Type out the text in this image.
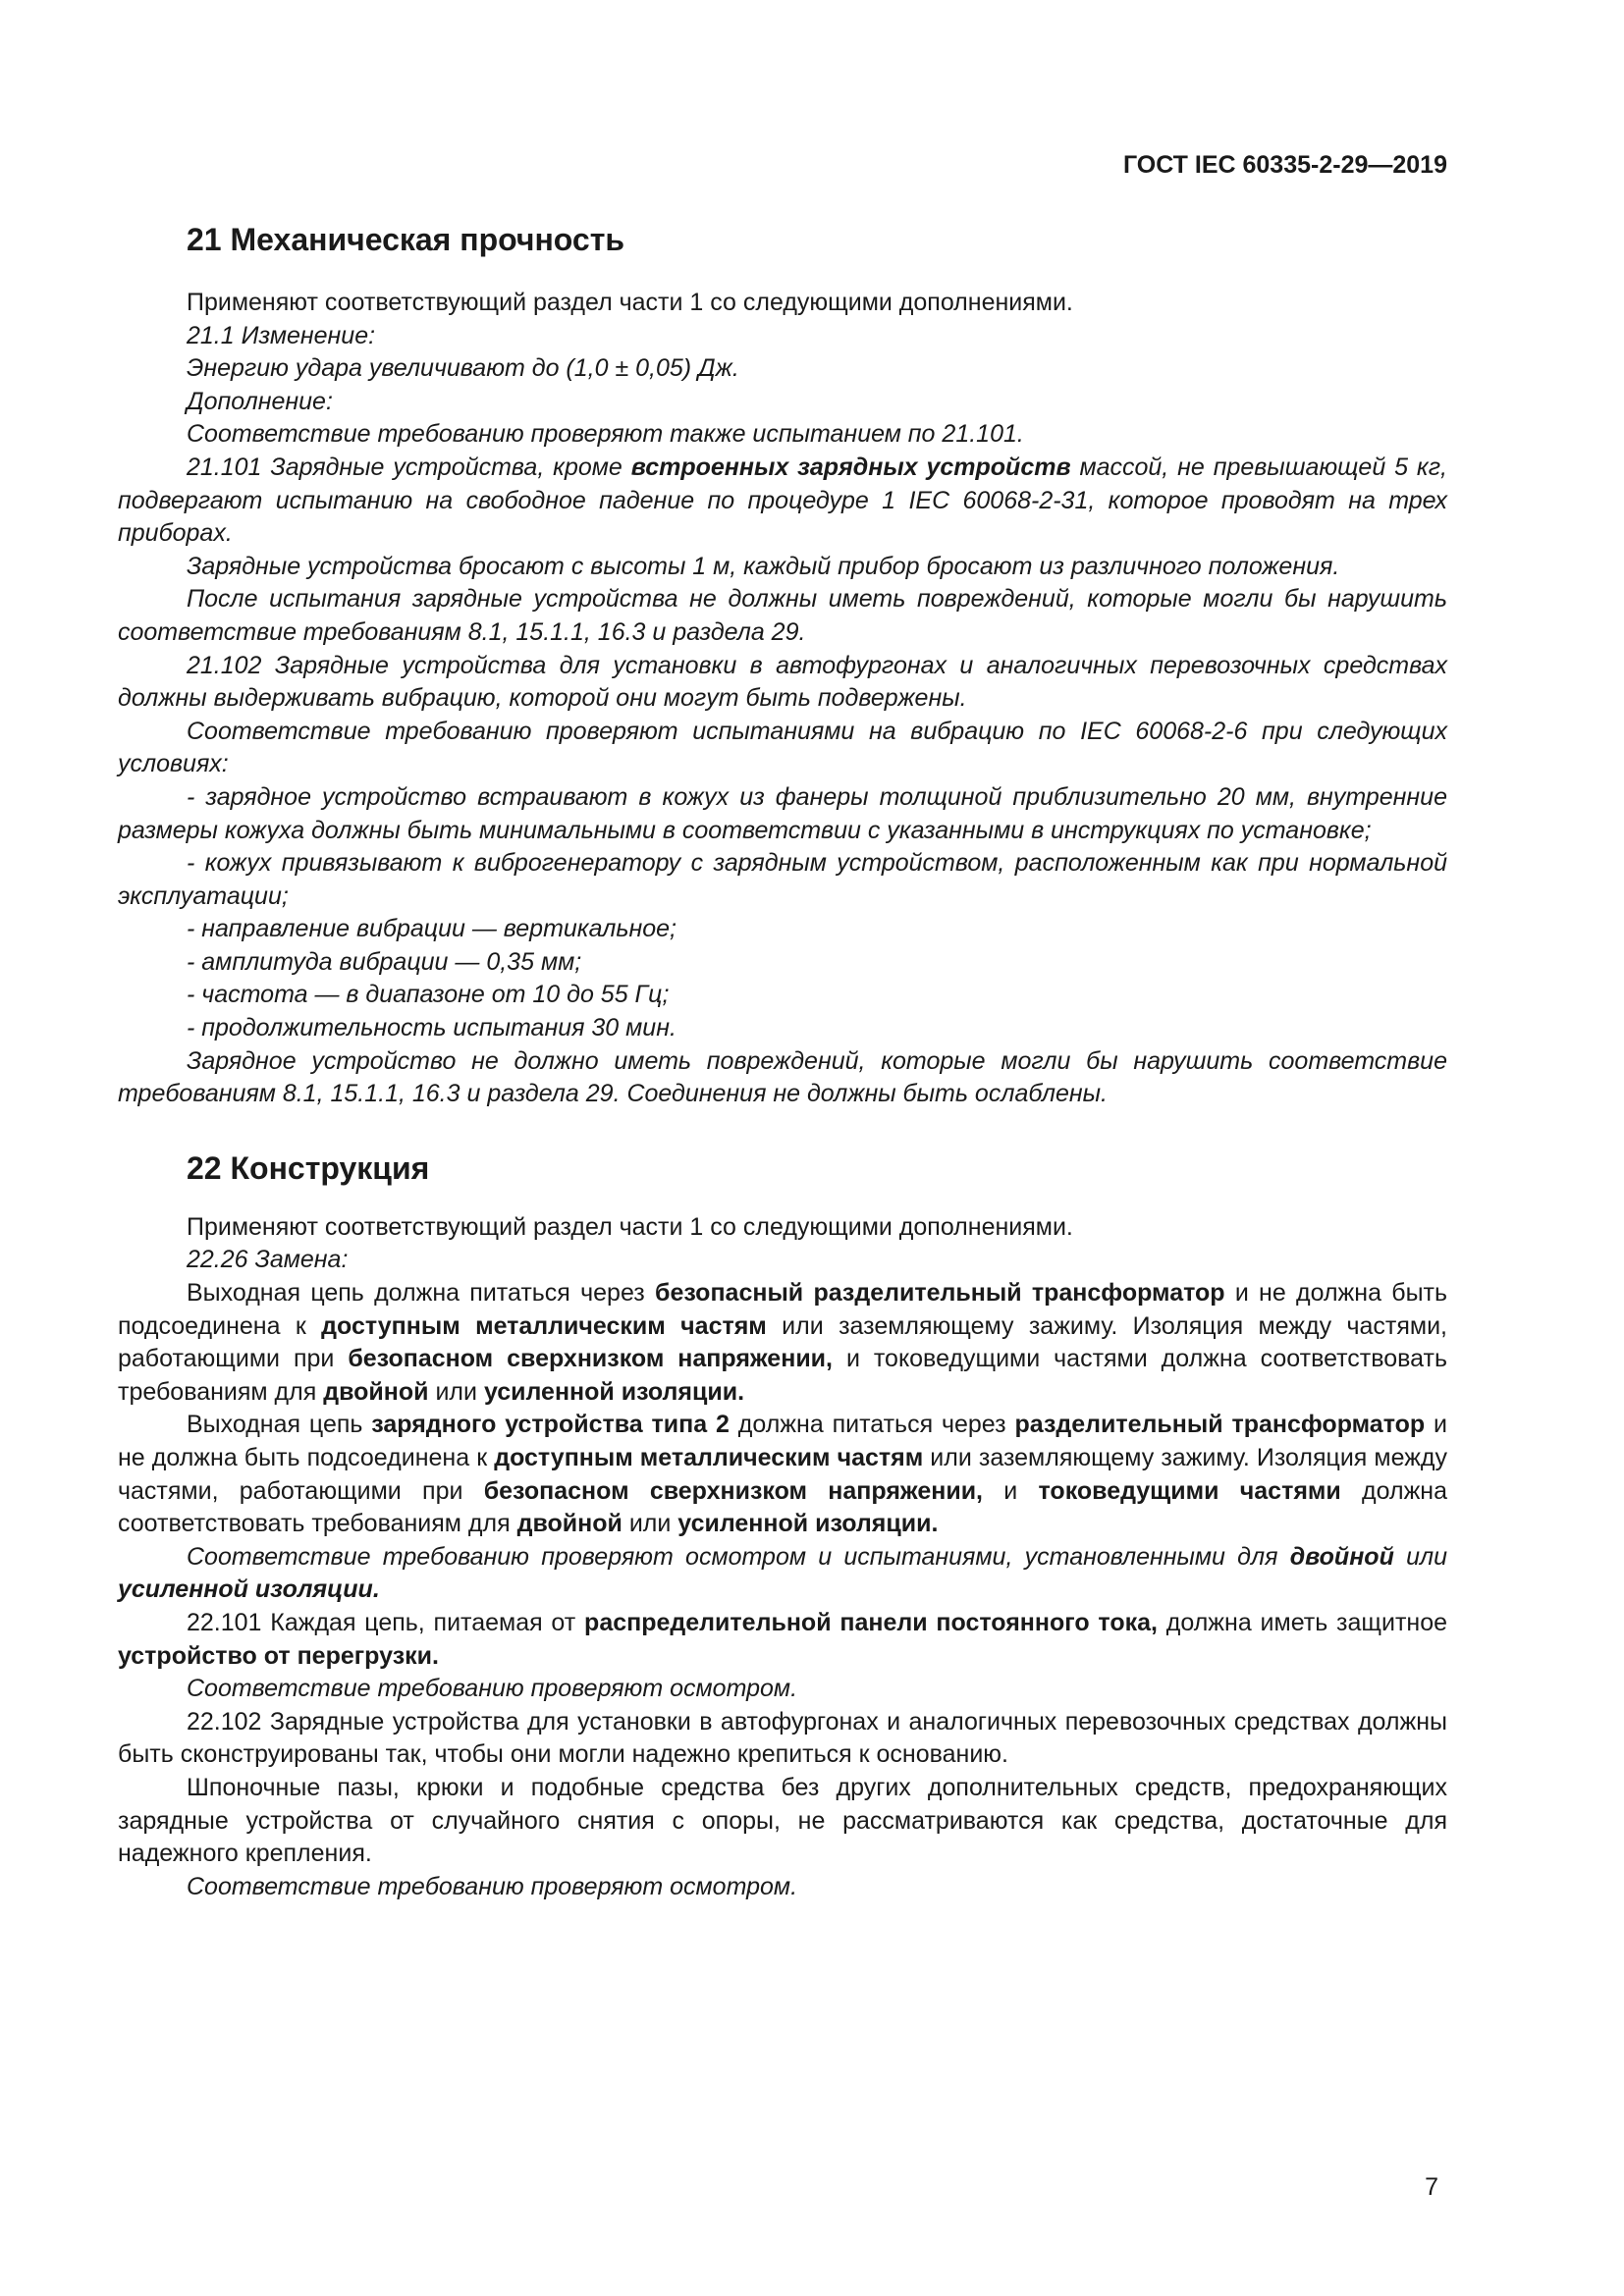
ГОСТ IEC 60335-2-29—2019
21 Механическая прочность

Применяют соответствующий раздел части 1 со следующими дополнениями.

21.1 Изменение:

Энергию удара увеличивают до (1,0 ± 0,05) Дж.

Дополнение:

Соответствие требованию проверяют также испытанием по 21.101.

21.101 Зарядные устройства, кроме встроенных зарядных устройств массой, не превышающей 5 кг, подвергают испытанию на свободное падение по процедуре 1 IEC 60068-2-31, которое проводят на трех приборах.

Зарядные устройства бросают с высоты 1 м, каждый прибор бросают из различного положения.

После испытания зарядные устройства не должны иметь повреждений, которые могли бы нарушить соответствие требованиям 8.1, 15.1.1, 16.3 и раздела 29.

21.102 Зарядные устройства для установки в автофургонах и аналогичных перевозочных средствах должны выдерживать вибрацию, которой они могут быть подвержены.

Соответствие требованию проверяют испытаниями на вибрацию по IEC 60068-2-6 при следующих условиях:

- зарядное устройство встраивают в кожух из фанеры толщиной приблизительно 20 мм, внутренние размеры кожуха должны быть минимальными в соответствии с указанными в инструкциях по установке;

- кожух привязывают к виброгенератору с зарядным устройством, расположенным как при нормальной эксплуатации;

- направление вибрации — вертикальное;

- амплитуда вибрации — 0,35 мм;

- частота — в диапазоне от 10 до 55 Гц;

- продолжительность испытания 30 мин.

Зарядное устройство не должно иметь повреждений, которые могли бы нарушить соответствие требованиям 8.1, 15.1.1, 16.3 и раздела 29. Соединения не должны быть ослаблены.

22 Конструкция

Применяют соответствующий раздел части 1 со следующими дополнениями.

22.26 Замена:

Выходная цепь должна питаться через безопасный разделительный трансформатор и не должна быть подсоединена к доступным металлическим частям или заземляющему зажиму. Изоляция между частями, работающими при безопасном сверхнизком напряжении, и токоведущими частями должна соответствовать требованиям для двойной или усиленной изоляции.

Выходная цепь зарядного устройства типа 2 должна питаться через разделительный трансформатор и не должна быть подсоединена к доступным металлическим частям или заземляющему зажиму. Изоляция между частями, работающими при безопасном сверхнизком напряжении, и токоведущими частями должна соответствовать требованиям для двойной или усиленной изоляции.

Соответствие требованию проверяют осмотром и испытаниями, установленными для двойной или усиленной изоляции.

22.101 Каждая цепь, питаемая от распределительной панели постоянного тока, должна иметь защитное устройство от перегрузки.

Соответствие требованию проверяют осмотром.

22.102 Зарядные устройства для установки в автофургонах и аналогичных перевозочных средствах должны быть сконструированы так, чтобы они могли надежно крепиться к основанию.

Шпоночные пазы, крюки и подобные средства без других дополнительных средств, предохраняющих зарядные устройства от случайного снятия с опоры, не рассматриваются как средства, достаточные для надежного крепления.

Соответствие требованию проверяют осмотром.

7
